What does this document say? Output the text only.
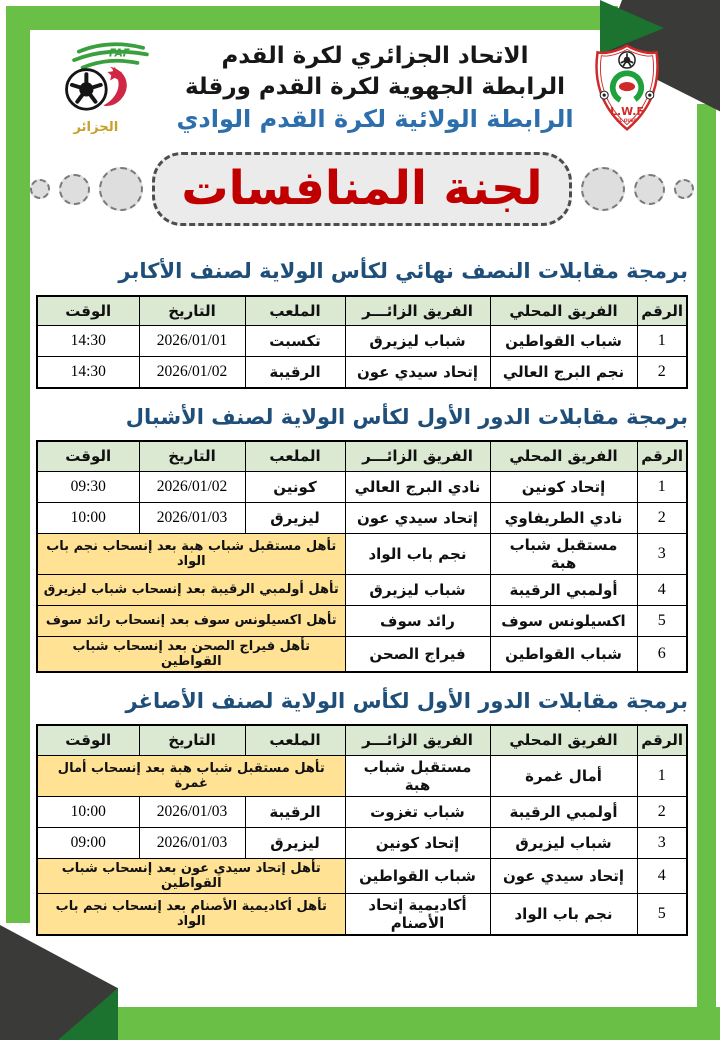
L.W.F
EL OUED
الاتحاد الجزائري لكرة القدم
الرابطة الجهوية لكرة القدم ورقلة
الرابطة الولائية لكرة القدم الوادي
FAF
الجزائر
لجنة المنافسات
برمجة مقابلات النصف نهائي لكأس الولاية لصنف الأكابر
الرقم	الفريق المحلي	الفريق الزائـــر	الملعب	التاريخ	الوقت
1	شباب القواطين	شباب ليزيرق	تكسبت	2026/01/01	14:30
2	نجم البرج العالي	إتحاد سيدي عون	الرقيبة	2026/01/02	14:30
برمجة مقابلات الدور الأول لكأس الولاية لصنف الأشبال
الرقم	الفريق المحلي	الفريق الزائـــر	الملعب	التاريخ	الوقت
1	إتحاد كونين	نادي البرج العالي	كونين	2026/01/02	09:30
2	نادي الطريفاوي	إتحاد سيدي عون	ليزيرق	2026/01/03	10:00
3	مستقبل شباب هبة	نجم باب الواد	تأهل مستقبل شباب هبة بعد إنسحاب نجم باب الواد		
4	أولمبي الرقيبة	شباب ليزيرق	تأهل أولمبي الرقيبة بعد إنسحاب شباب ليزيرق		
5	اكسيلونس سوف	رائد سوف	تأهل اكسيلونس سوف بعد إنسحاب رائد سوف		
6	شباب القواطين	فيراج الصحن	تأهل فيراج الصحن بعد إنسحاب شباب القواطين		
برمجة مقابلات الدور الأول لكأس الولاية لصنف الأصاغر
الرقم	الفريق المحلي	الفريق الزائـــر	الملعب	التاريخ	الوقت
1	أمال غمرة	مستقبل شباب هبة	تأهل مستقبل شباب هبة بعد إنسحاب أمال غمرة		
2	أولمبي الرقيبة	شباب تغزوت	الرقيبة	2026/01/03	10:00
3	شباب ليزيرق	إتحاد كونين	ليزيرق	2026/01/03	09:00
4	إتحاد سيدي عون	شباب القواطين	تأهل إتحاد سيدي عون بعد إنسحاب شباب القواطين		
5	نجم باب الواد	أكاديمية إتحاد الأصنام	تأهل أكاديمية الأصنام بعد إنسحاب نجم باب الواد		
